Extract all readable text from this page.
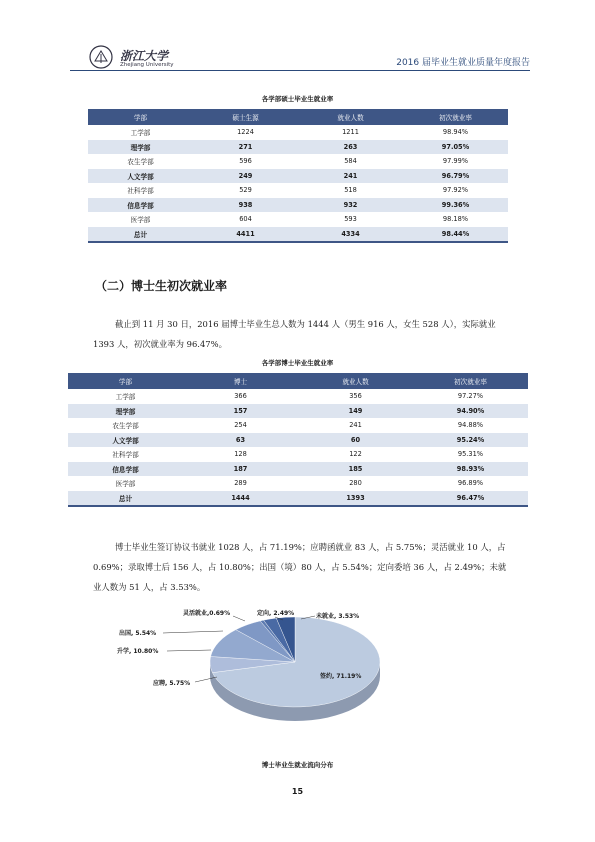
浙江大学
Zhejiang University	2016 届毕业生就业质量年度报告
各学部硕士毕业生就业率
学部	硕士生源	就业人数	初次就业率
工学部	1224	1211	98.94%
理学部	271	263	97.05%
农生学部	596	584	97.99%
人文学部	249	241	96.79%
社科学部	529	518	97.92%
信息学部	938	932	99.36%
医学部	604	593	98.18%
总计	4411	4334	98.44%
（二）博士生初次就业率
截止到 11 月 30 日，2016 届博士毕业生总人数为 1444 人（男生 916 人，女生 528 人），实际就业 1393 人，初次就业率为 96.47%。
各学部博士毕业生就业率
学部	博士	就业人数	初次就业率
工学部	366	356	97.27%
理学部	157	149	94.90%
农生学部	254	241	94.88%
人文学部	63	60	95.24%
社科学部	128	122	95.31%
信息学部	187	185	98.93%
医学部	289	280	96.89%
总计	1444	1393	96.47%
博士毕业生签订协议书就业 1028 人，占 71.19%；应聘函就业 83 人，占 5.75%；灵活就业 10 人，占 0.69%；录取博士后 156 人，占 10.80%；出国（境）80 人，占 5.54%；定向委培 36 人，占 2.49%；未就业人数为 51 人，占 3.53%。
签约, 71.19%
应聘, 5.75%
升学, 10.80%
出国, 5.54%
灵活就业,0.69%	定向, 2.49%	未就业, 3.53%
博士毕业生就业流向分布
15
